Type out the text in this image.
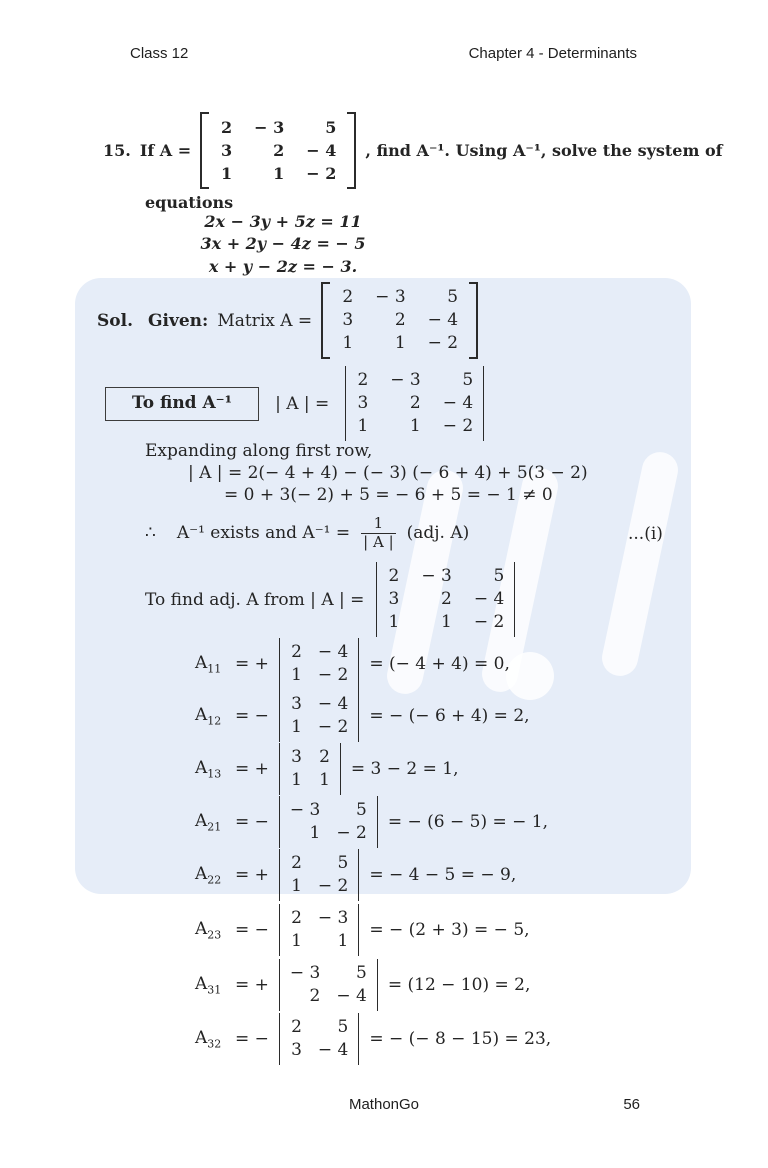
Class 12	Chapter 4 - Determinants
15. If A =
2 − 3	5
3	2 − 4
1	1 − 2
, find A⁻¹. Using A⁻¹, solve the system of
equations
2x − 3y + 5z = 11
3x + 2y − 4z = − 5
x + y − 2z = − 3.
Sol. Given: Matrix A =
2 − 3 5
3 2 − 4
1 1 − 2
To find A⁻¹	| A | =
2 − 3 5
3 2 − 4
1 1 − 2
Expanding along first row,
| A | = 2(− 4 + 4) − (− 3) (− 6 + 4) + 5(3 − 2)
= 0 + 3(− 2) + 5 = − 6 + 5 = − 1 ≠ 0
∴ A⁻¹ exists and $A^{-1} = \frac{1}{| A |} (adj$. A)	...(i)
To find adj. A from | A | =
2 − 3 5
3 2 − 4
1 1 − 2
$A_{11}$ = +
2 − 4
1 − 2
= (− 4 + 4) = 0,
$A_{12}$ = −
3 − 4
1 − 2
= − (− 6 + 4) = 2,
$A_{13}$ = +
3 2
1 1
= 3 − 2 = 1,
$A_{21}$ = −
− 3 5
1 − 2
= − (6 − 5) = − 1,
$A_{22}$ = +
2 5
1 − 2
= − 4 − 5 = − 9,
$A_{23}$ = −
2 − 3
1 1
= − (2 + 3) = − 5,
$A_{31}$ = +
− 3 5
2 − 4
= (12 − 10) = 2,
$A_{32}$ = −
2 5
3 − 4
= − (− 8 − 15) = 23,
MathonGo	56
